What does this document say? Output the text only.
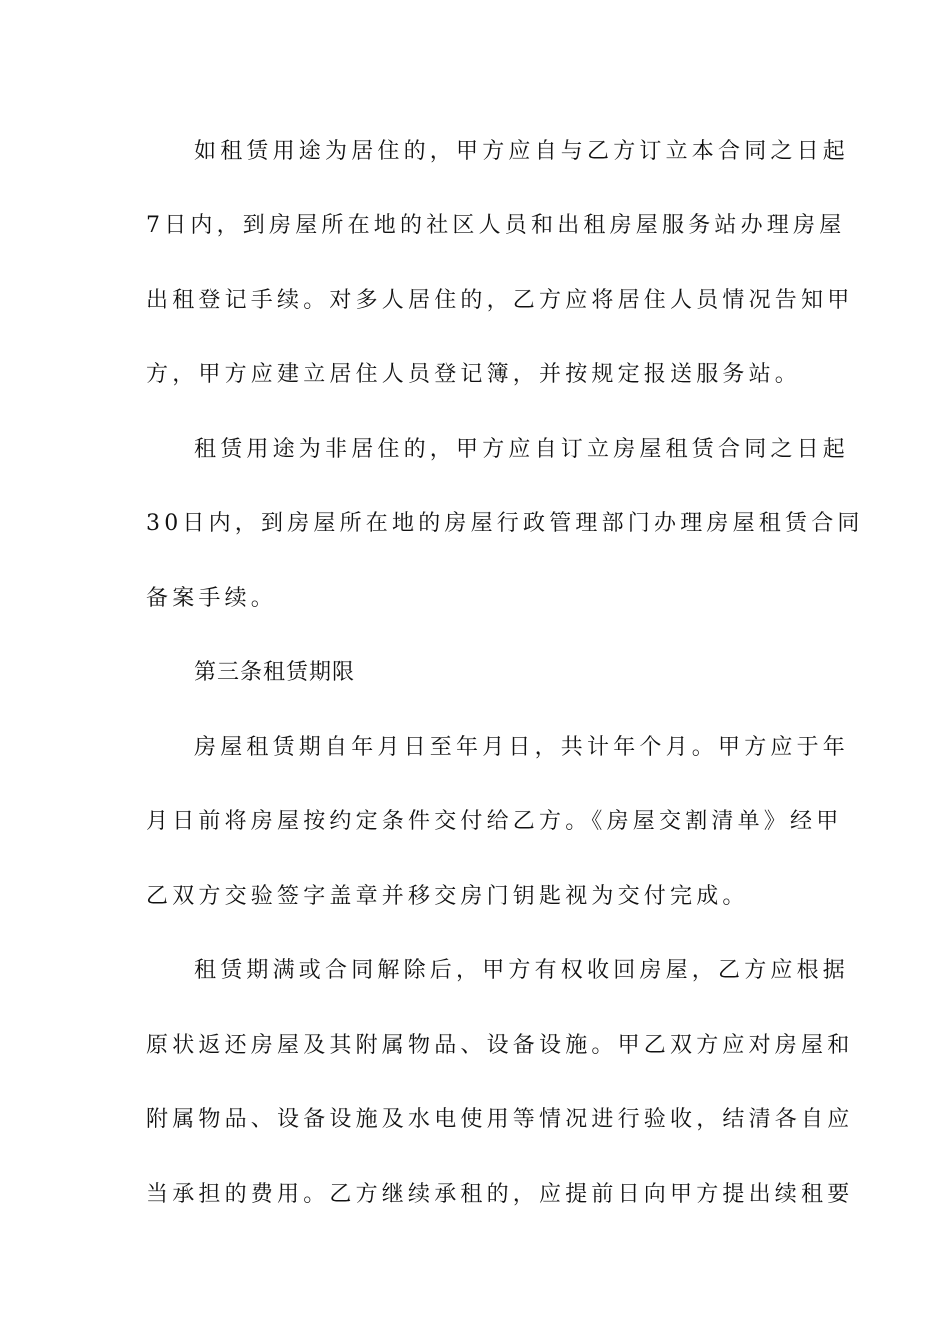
如租赁用途为居住的，甲方应自与乙方订立本合同之日起
7日内，到房屋所在地的社区人员和出租房屋服务站办理房屋
出租登记手续。对多人居住的，乙方应将居住人员情况告知甲
方，甲方应建立居住人员登记簿，并按规定报送服务站。
租赁用途为非居住的，甲方应自订立房屋租赁合同之日起
30日内，到房屋所在地的房屋行政管理部门办理房屋租赁合同
备案手续。
第三条租赁期限
房屋租赁期自年月日至年月日，共计年个月。甲方应于年
月日前将房屋按约定条件交付给乙方。《房屋交割清单》经甲
乙双方交验签字盖章并移交房门钥匙视为交付完成。
租赁期满或合同解除后，甲方有权收回房屋，乙方应根据
原状返还房屋及其附属物品、设备设施。甲乙双方应对房屋和
附属物品、设备设施及水电使用等情况进行验收，结清各自应
当承担的费用。乙方继续承租的，应提前日向甲方提出续租要
